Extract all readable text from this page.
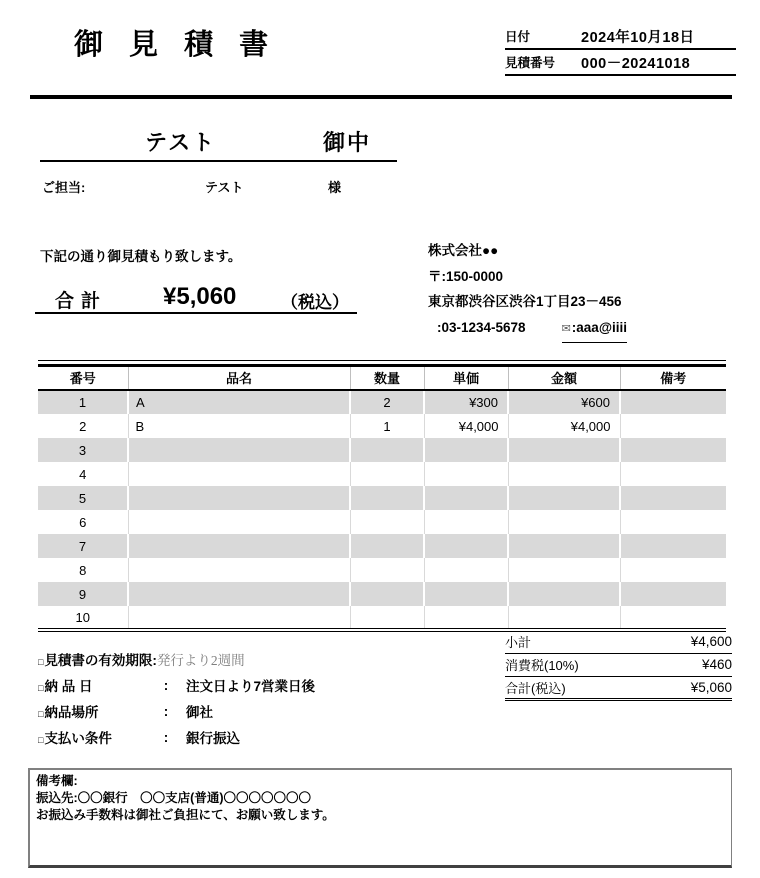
御 見 積 書	日付	2024年10月18日
見積番号	000－20241018
テスト	御中
ご担当:	テスト	様
下記の通り御見積もり致します。	株式会社●●
〒:150-0000
東京都渋谷区渋谷1丁目23－456
:03-1234-5678	✉:aaa@iiii
合計 ¥5,060	（税込）
番号	品名	数量	単価	金額	備考
1	A	2	¥300	¥600	
2	B	1	¥4,000	¥4,000	
3					
4					
5					
6					
7					
8					
9					
10					
小計	¥4,600
消費税(10%)	¥460
合計(税込)	¥5,060
□見積書の有効期限: 発行より2週間
□納 品 日	:	注文日より7営業日後
□納品場所	:	御社
□支払い条件	:	銀行振込
備考欄:
振込先:〇〇銀行　〇〇支店(普通)〇〇〇〇〇〇〇
お振込み手数料は御社ご負担にて、お願い致します。
